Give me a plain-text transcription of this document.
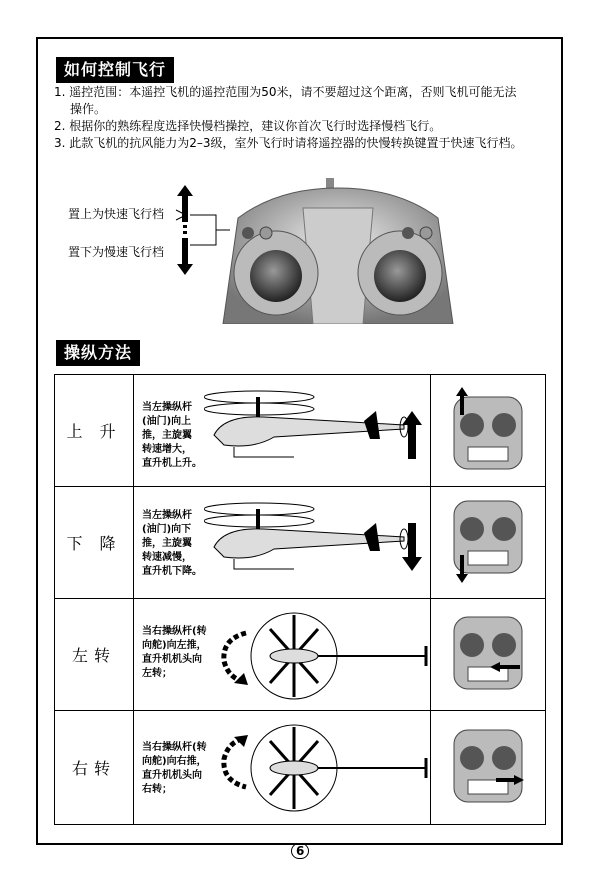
如何控制飞行
1. 遥控范围：本遥控飞机的遥控范围为50米，请不要超过这个距离，否则飞机可能无法
操作。
2. 根据你的熟练程度选择快慢档操控，建议你首次飞行时选择慢档飞行。
3. 此款飞机的抗风能力为2–3级，室外飞行时请将遥控器的快慢转换键置于快速飞行档。
置上为快速飞行档
置下为慢速飞行档
操纵方法
上 升	当左操纵杆
(油门)向上
推，主旋翼
转速增大，
直升机上升。

下 降	当左操纵杆
(油门)向下
推，主旋翼
转速减慢，
直升机下降。

左转	当右操纵杆(转
向舵)向左推，
直升机机头向
左转；

右转	当右操纵杆(转
向舵)向右推，
直升机机头向
右转；

6
